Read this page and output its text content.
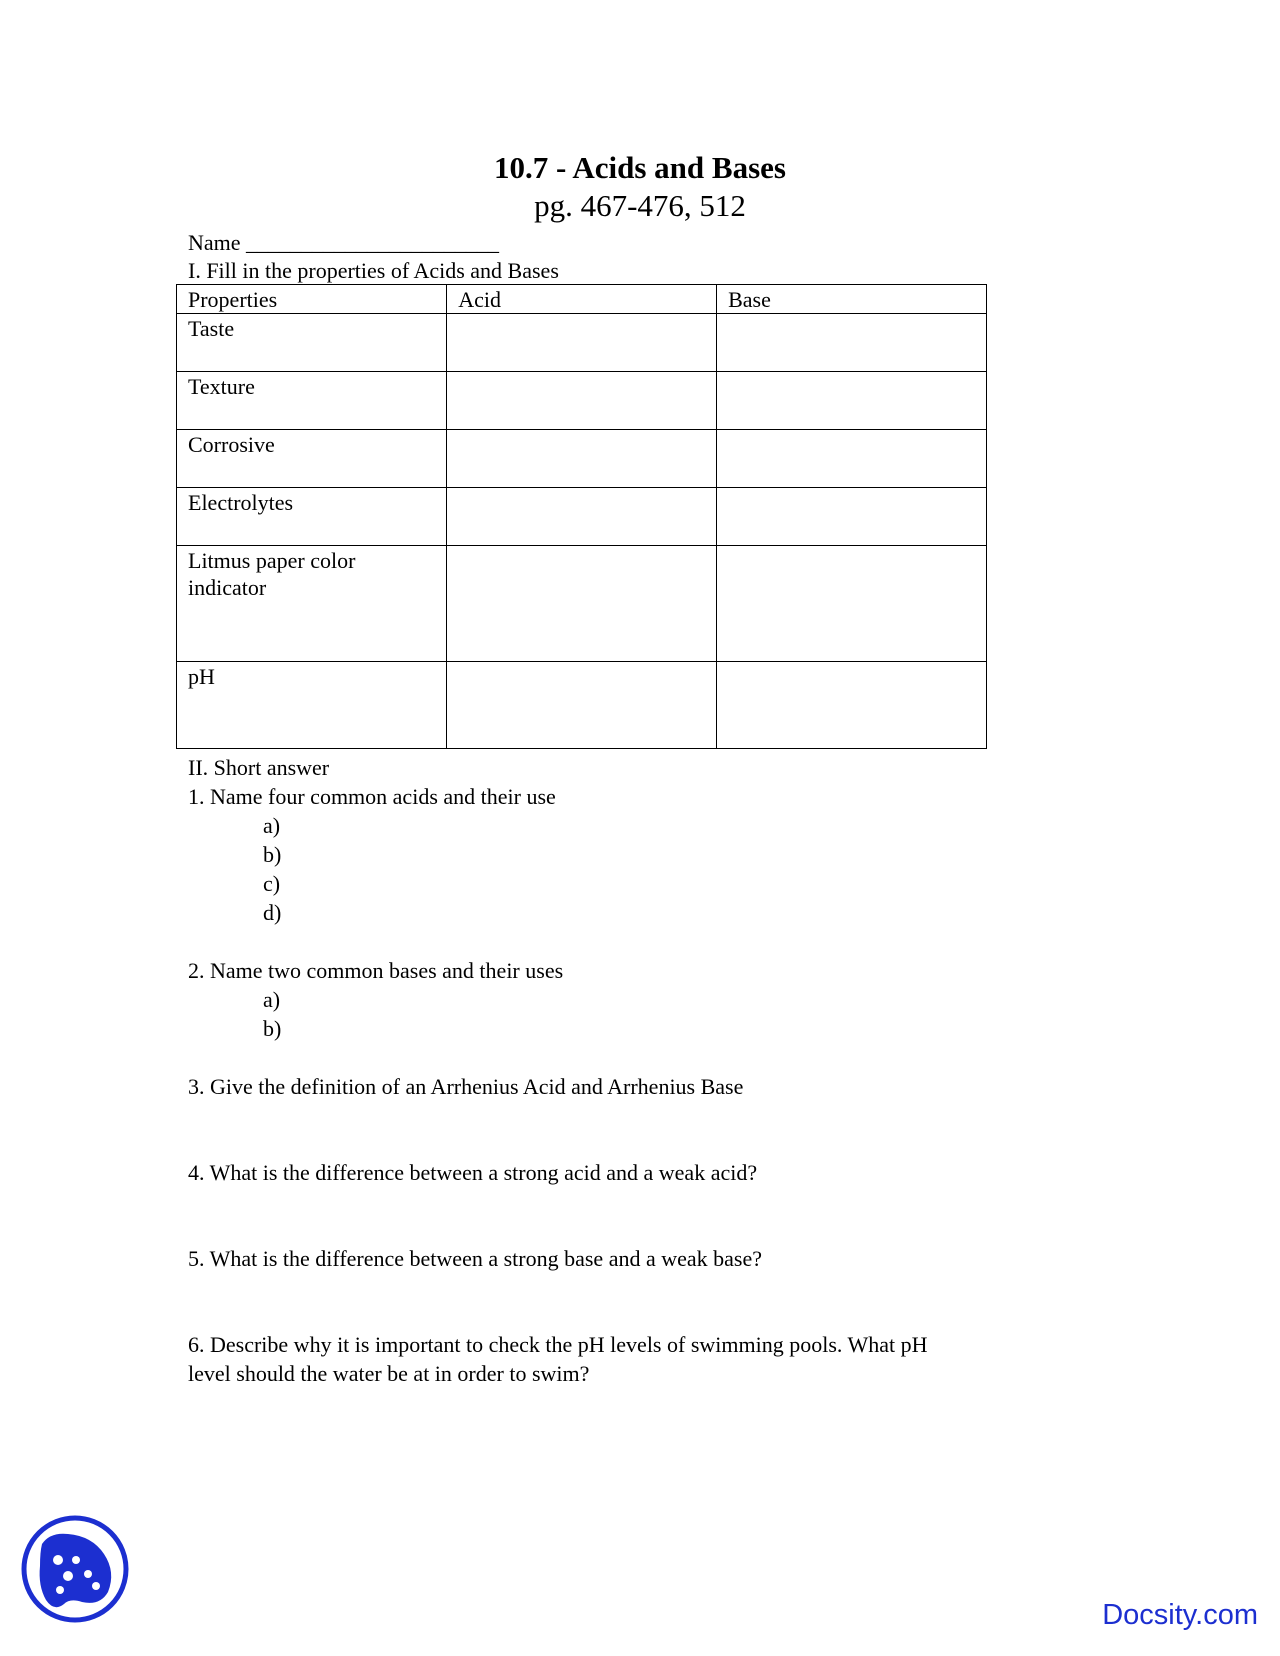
10.7 - Acids and Bases
pg. 467-476, 512
Name _______________________
I. Fill in the properties of Acids and Bases
Properties	Acid	Base
Taste		
Texture		
Corrosive		
Electrolytes		
Litmus paper color indicator		
pH		
II. Short answer
1. Name four common acids and their use
a)
b)
c)
d)
2. Name two common bases and their uses
a)
b)
3. Give the definition of an Arrhenius Acid and Arrhenius Base
4. What is the difference between a strong acid and a weak acid?
5. What is the difference between a strong base and a weak base?
6. Describe why it is important to check the pH levels of swimming pools. What pH
level should the water be at in order to swim?
Docsity.com
